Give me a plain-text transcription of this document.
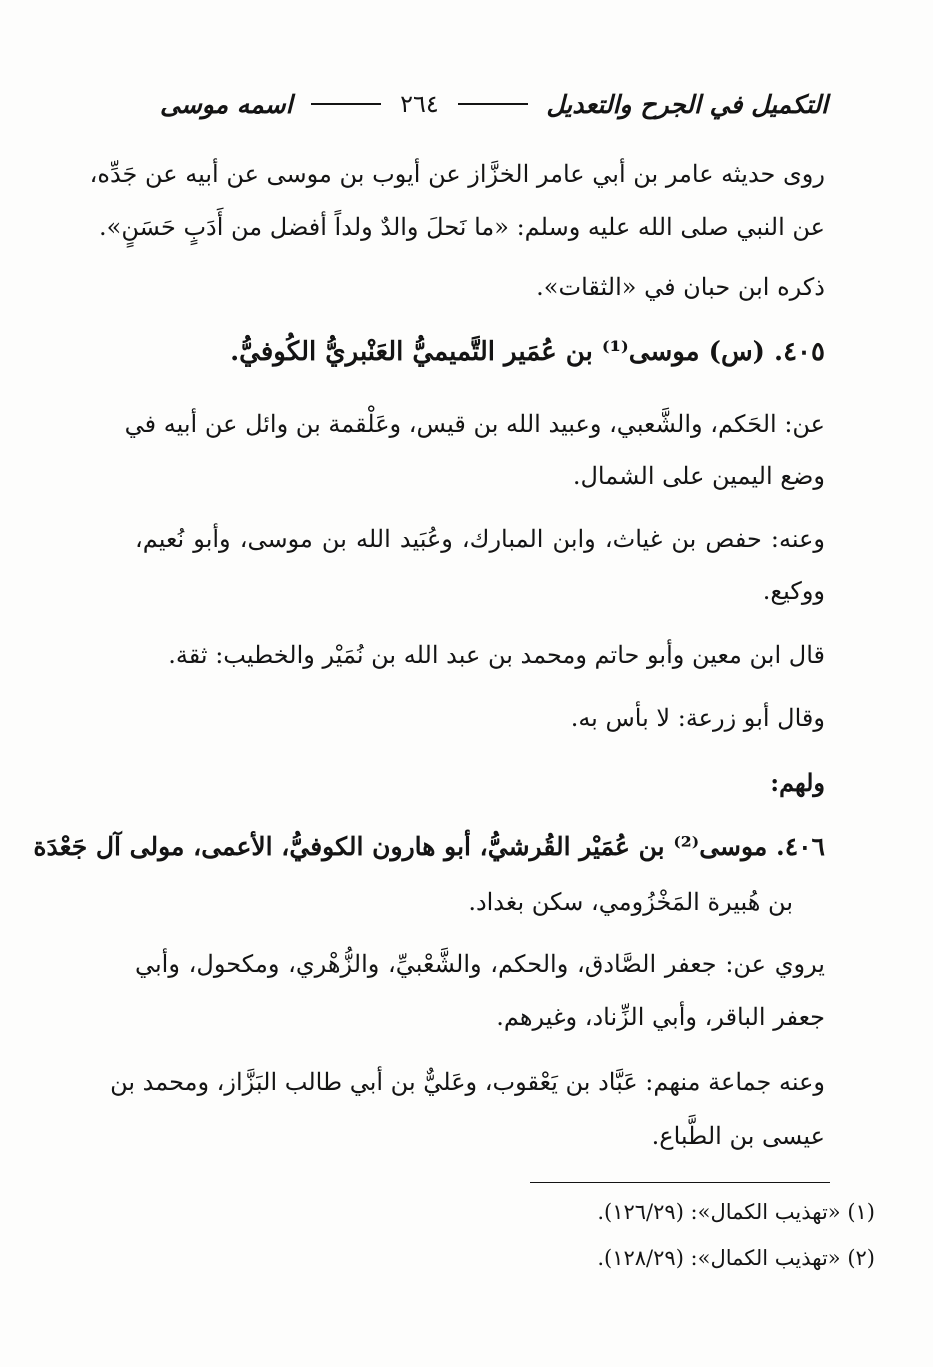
التكميل في الجرح والتعديل
٢٦٤
اسمه موسى
روى حديثه عامر بن أبي عامر الخزَّاز عن أيوب بن موسى عن أبيه عن جَدِّه،
عن النبي صلى الله عليه وسلم: «ما نَحلَ والدٌ ولداً أفضل من أَدَبٍ حَسَنٍ».
ذكره ابن حبان في «الثقات».
٤٠٥. (س) موسى⁽¹⁾ بن عُمَير التَّميميُّ العَنْبريُّ الكُوفيُّ.
عن: الحَكم، والشَّعبي، وعبيد الله بن قيس، وعَلْقمة بن وائل عن أبيه في
وضع اليمين على الشمال.
وعنه: حفص بن غياث، وابن المبارك، وعُبَيد الله بن موسى، وأبو نُعيم،
ووكيع.
قال ابن معين وأبو حاتم ومحمد بن عبد الله بن نُمَيْر والخطيب: ثقة.
وقال أبو زرعة: لا بأس به.
ولهم:
٤٠٦. موسى⁽²⁾ بن عُمَيْر القُرشيُّ، أبو هارون الكوفيُّ، الأعمى، مولى آل جَعْدَة
بن هُبيرة المَخْزُومي، سكن بغداد.
يروي عن: جعفر الصَّادق، والحكم، والشَّعْبيِّ، والزُّهْري، ومكحول، وأبي
جعفر الباقر، وأبي الزِّناد، وغيرهم.
وعنه جماعة منهم: عَبَّاد بن يَعْقوب، وعَليٌّ بن أبي طالب البَزَّاز، ومحمد بن
عيسى بن الطَّباع.
(١) «تهذيب الكمال»: (١٢٦/٢٩).
(٢) «تهذيب الكمال»: (١٢٨/٢٩).
